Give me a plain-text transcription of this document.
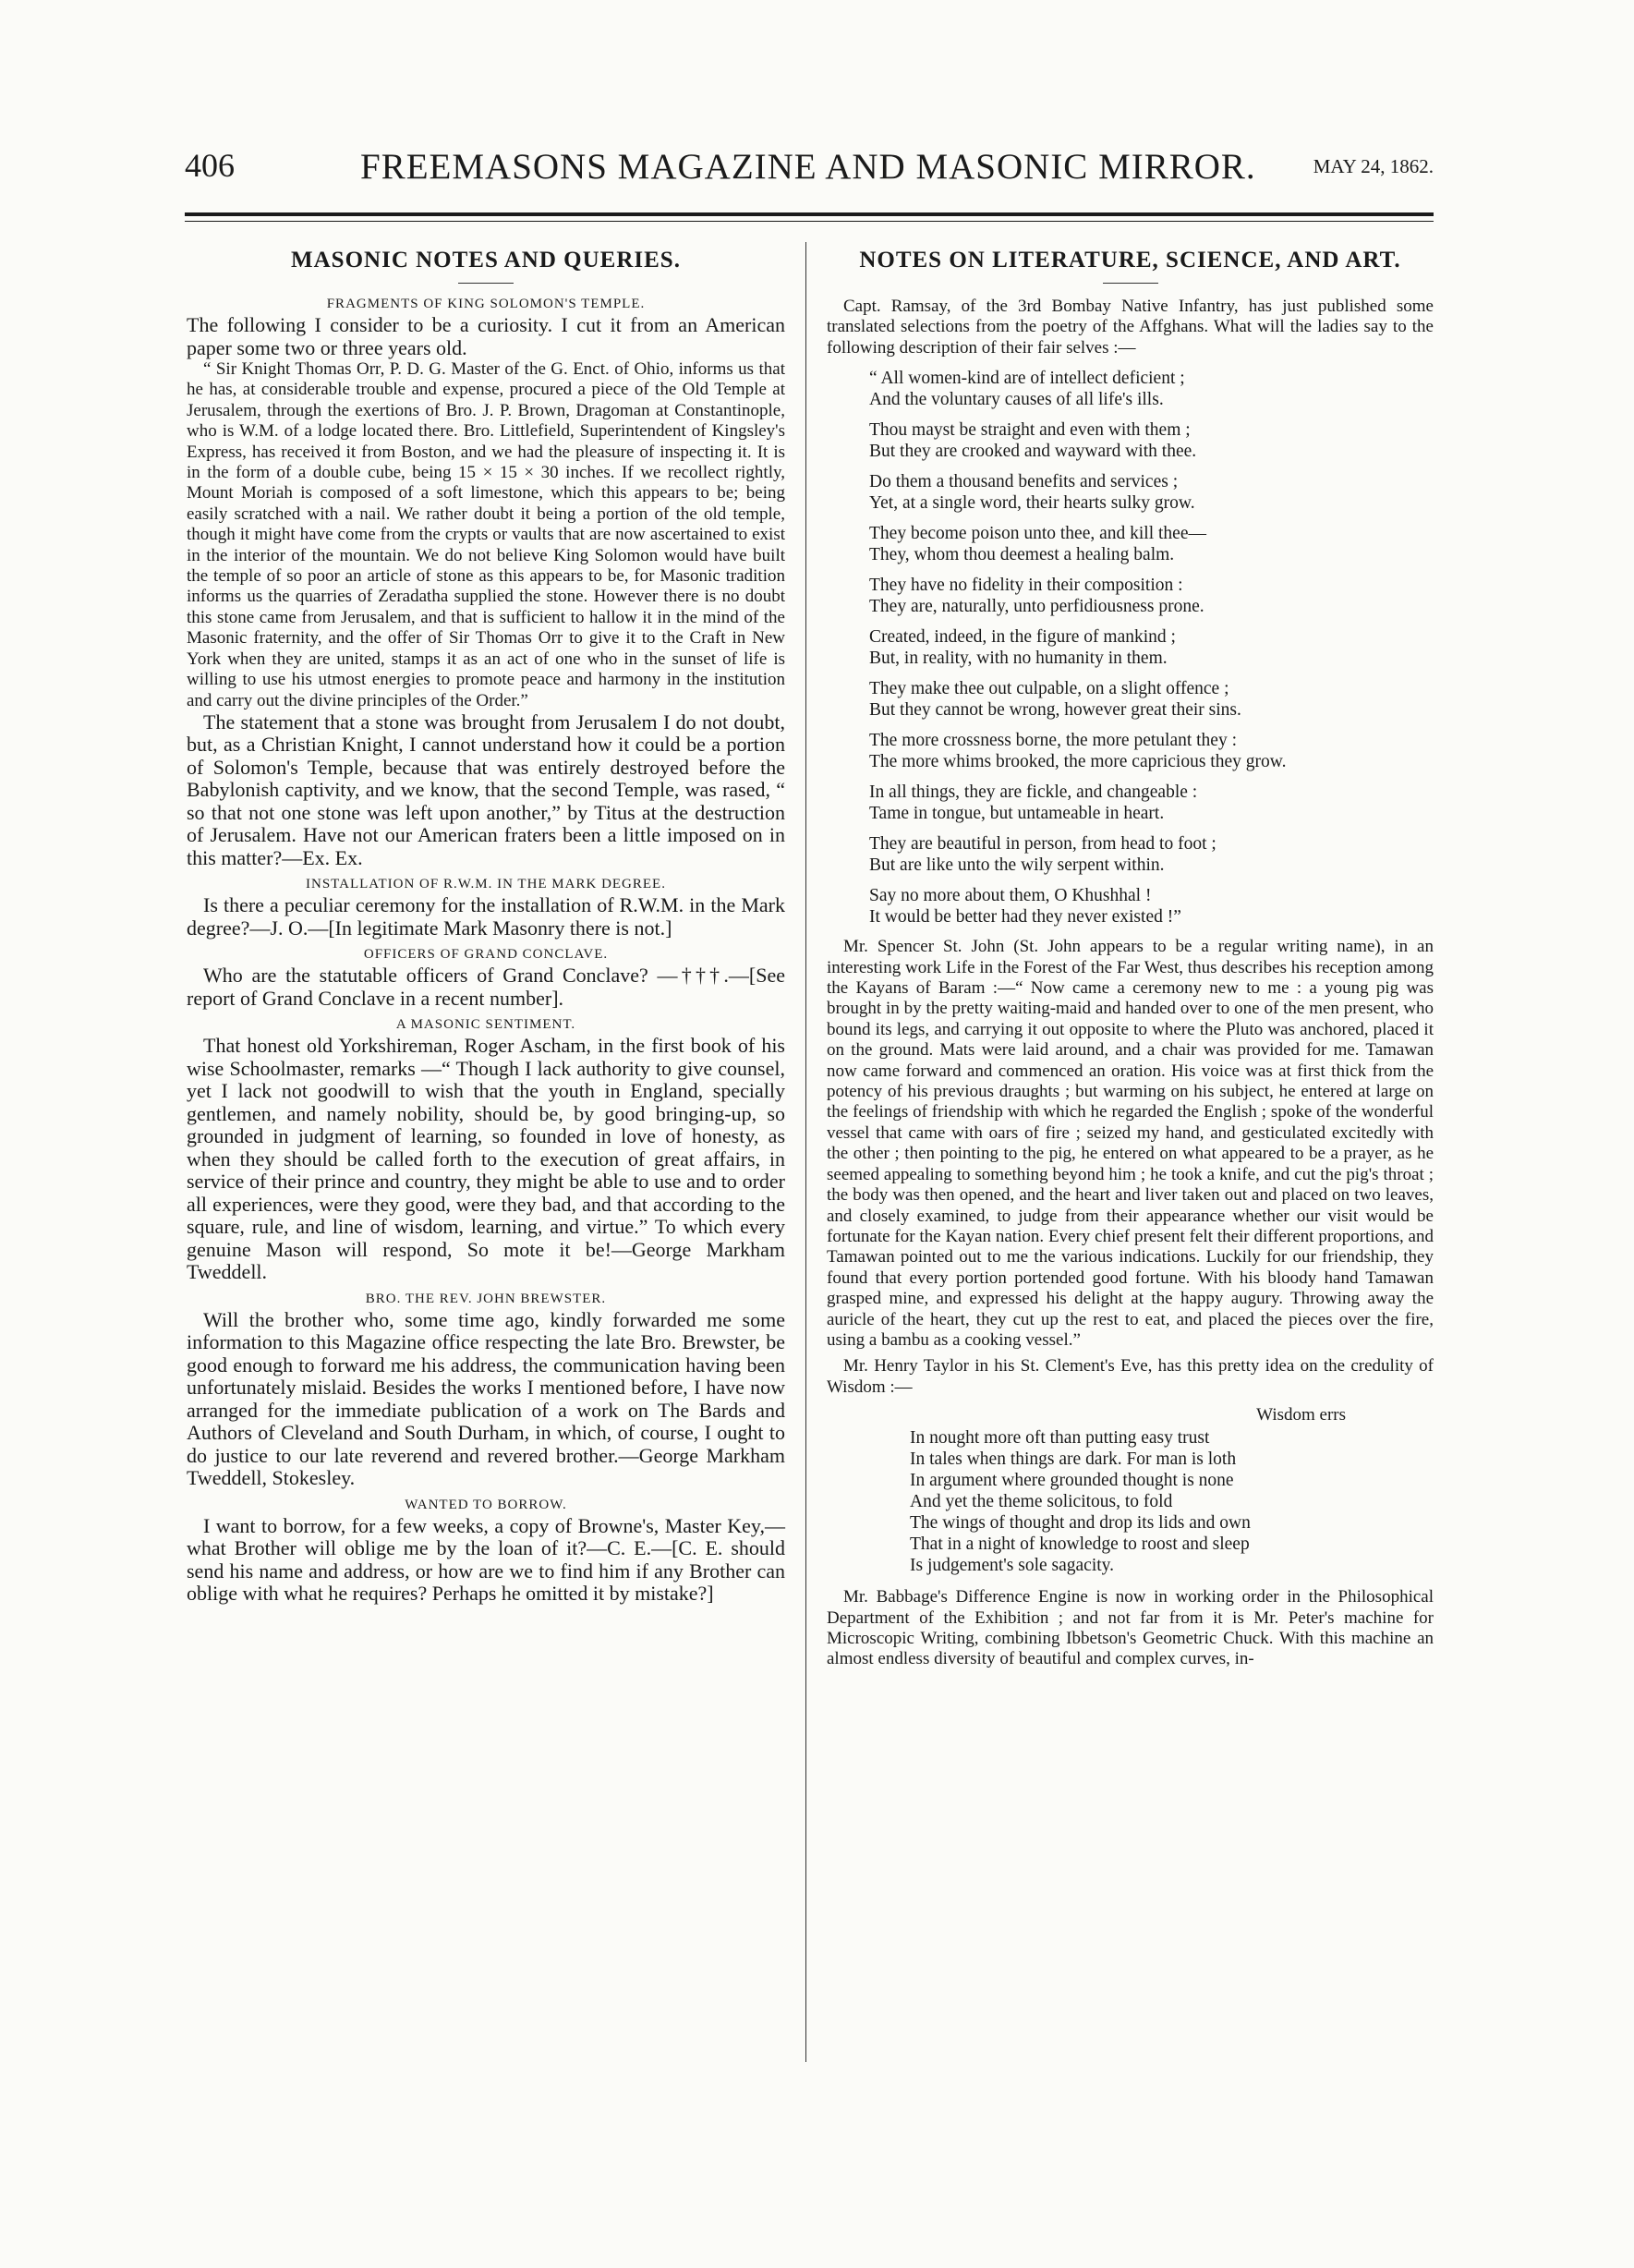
406	FREEMASONS MAGAZINE AND MASONIC MIRROR.	MAY 24, 1862.
MASONIC NOTES AND QUERIES.
FRAGMENTS OF KING SOLOMON'S TEMPLE.

The following I consider to be a curiosity. I cut it from an American paper some two or three years old.

“ Sir Knight Thomas Orr, P. D. G. Master of the G. Enct. of Ohio, informs us that he has, at considerable trouble and expense, procured a piece of the Old Temple at Jerusalem, through the exertions of Bro. J. P. Brown, Dragoman at Constantinople, who is W.M. of a lodge located there. Bro. Littlefield, Superintendent of Kingsley's Express, has received it from Boston, and we had the pleasure of inspecting it. It is in the form of a double cube, being 15 × 15 × 30 inches. If we recollect rightly, Mount Moriah is composed of a soft limestone, which this appears to be; being easily scratched with a nail. We rather doubt it being a portion of the old temple, though it might have come from the crypts or vaults that are now ascertained to exist in the interior of the mountain. We do not believe King Solomon would have built the temple of so poor an article of stone as this appears to be, for Masonic tradition informs us the quarries of Zeradatha supplied the stone. However there is no doubt this stone came from Jerusalem, and that is sufficient to hallow it in the mind of the Masonic fraternity, and the offer of Sir Thomas Orr to give it to the Craft in New York when they are united, stamps it as an act of one who in the sunset of life is willing to use his utmost energies to promote peace and harmony in the institution and carry out the divine principles of the Order.”

The statement that a stone was brought from Jerusalem I do not doubt, but, as a Christian Knight, I cannot understand how it could be a portion of Solomon's Temple, because that was entirely destroyed before the Babylonish captivity, and we know, that the second Temple, was rased, “ so that not one stone was left upon another,” by Titus at the destruction of Jerusalem. Have not our American fraters been a little imposed on in this matter?—Ex. Ex.

INSTALLATION OF R.W.M. IN THE MARK DEGREE.

Is there a peculiar ceremony for the installation of R.W.M. in the Mark degree?—J. O.—[In legitimate Mark Masonry there is not.]

OFFICERS OF GRAND CONCLAVE.

Who are the statutable officers of Grand Conclave? —†††.—[See report of Grand Conclave in a recent number].

A MASONIC SENTIMENT.

That honest old Yorkshireman, Roger Ascham, in the first book of his wise Schoolmaster, remarks —“ Though I lack authority to give counsel, yet I lack not goodwill to wish that the youth in England, specially gentlemen, and namely nobility, should be, by good bringing-up, so grounded in judgment of learning, so founded in love of honesty, as when they should be called forth to the execution of great affairs, in service of their prince and country, they might be able to use and to order all experiences, were they good, were they bad, and that according to the square, rule, and line of wisdom, learning, and virtue.” To which every genuine Mason will respond, So mote it be!—George Markham Tweddell.

BRO. THE REV. JOHN BREWSTER.

Will the brother who, some time ago, kindly forwarded me some information to this Magazine office respecting the late Bro. Brewster, be good enough to forward me his address, the communication having been unfortunately mislaid. Besides the works I mentioned before, I have now arranged for the immediate publication of a work on The Bards and Authors of Cleveland and South Durham, in which, of course, I ought to do justice to our late reverend and revered brother.—George Markham Tweddell, Stokesley.

WANTED TO BORROW.

I want to borrow, for a few weeks, a copy of Browne's, Master Key,—what Brother will oblige me by the loan of it?—C. E.—[C. E. should send his name and address, or how are we to find him if any Brother can oblige with what he requires? Perhaps he omitted it by mistake?]

NOTES ON LITERATURE, SCIENCE, AND ART.

Capt. Ramsay, of the 3rd Bombay Native Infantry, has just published some translated selections from the poetry of the Affghans. What will the ladies say to the following description of their fair selves :—

“ All women-kind are of intellect deficient ;
And the voluntary causes of all life's ills.
Thou mayst be straight and even with them ;
But they are crooked and wayward with thee.
Do them a thousand benefits and services ;
Yet, at a single word, their hearts sulky grow.
They become poison unto thee, and kill thee—
They, whom thou deemest a healing balm.
They have no fidelity in their composition :
They are, naturally, unto perfidiousness prone.
Created, indeed, in the figure of mankind ;
But, in reality, with no humanity in them.
They make thee out culpable, on a slight offence ;
But they cannot be wrong, however great their sins.
The more crossness borne, the more petulant they :
The more whims brooked, the more capricious they grow.
In all things, they are fickle, and changeable :
Tame in tongue, but untameable in heart.
They are beautiful in person, from head to foot ;
But are like unto the wily serpent within.
Say no more about them, O Khushhal !
It would be better had they never existed !”

Mr. Spencer St. John (St. John appears to be a regular writing name), in an interesting work Life in the Forest of the Far West, thus describes his reception among the Kayans of Baram :—“ Now came a ceremony new to me : a young pig was brought in by the pretty waiting-maid and handed over to one of the men present, who bound its legs, and carrying it out opposite to where the Pluto was anchored, placed it on the ground. Mats were laid around, and a chair was provided for me. Tamawan now came forward and commenced an oration. His voice was at first thick from the potency of his previous draughts ; but warming on his subject, he entered at large on the feelings of friendship with which he regarded the English ; spoke of the wonderful vessel that came with oars of fire ; seized my hand, and gesticulated excitedly with the other ; then pointing to the pig, he entered on what appeared to be a prayer, as he seemed appealing to something beyond him ; he took a knife, and cut the pig's throat ; the body was then opened, and the heart and liver taken out and placed on two leaves, and closely examined, to judge from their appearance whether our visit would be fortunate for the Kayan nation. Every chief present felt their different proportions, and Tamawan pointed out to me the various indications. Luckily for our friendship, they found that every portion portended good fortune. With his bloody hand Tamawan grasped mine, and expressed his delight at the happy augury. Throwing away the auricle of the heart, they cut up the rest to eat, and placed the pieces over the fire, using a bambu as a cooking vessel.”

Mr. Henry Taylor in his St. Clement's Eve, has this pretty idea on the credulity of Wisdom :—

Wisdom errs
In nought more oft than putting easy trust
In tales when things are dark. For man is loth
In argument where grounded thought is none
And yet the theme solicitous, to fold
The wings of thought and drop its lids and own
That in a night of knowledge to roost and sleep
Is judgement's sole sagacity.

Mr. Babbage's Difference Engine is now in working order in the Philosophical Department of the Exhibition ; and not far from it is Mr. Peter's machine for Microscopic Writing, combining Ibbetson's Geometric Chuck. With this machine an almost endless diversity of beautiful and complex curves, in-
